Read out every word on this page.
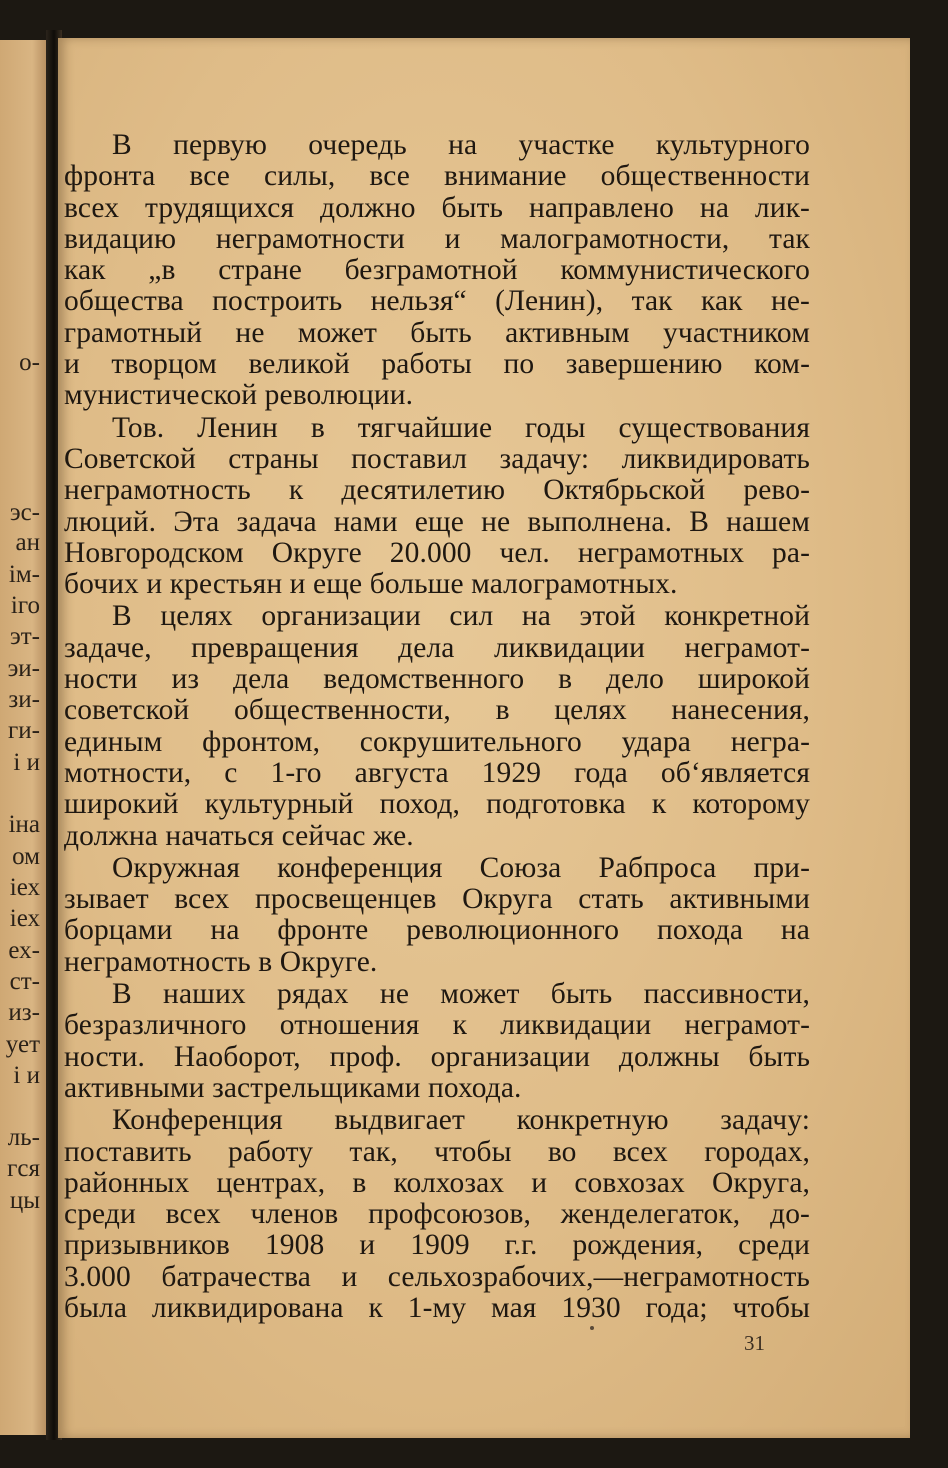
о-
эс-
ан
ім-
іго
эт-
эи-
зи-
ги-
і и
іна
ом
іех
іех
ех-
ст-
из-
ует
і и
ль-
гся
цы
В первую очередь на участке культурного
фронта все силы, все внимание общественности
всех трудящихся должно быть направлено на лик-
видацию неграмотности и малограмотности, так
как „в стране безграмотной коммунистического
общества построить нельзя“ (Ленин), так как не-
грамотный не может быть активным участником
и творцом великой работы по завершению ком-
мунистической революции.
Тов. Ленин в тягчайшие годы существования
Советской страны поставил задачу: ликвидировать
неграмотность к десятилетию Октябрьской рево-
люций. Эта задача нами еще не выполнена. В нашем
Новгородском Округе 20.000 чел. неграмотных ра-
бочих и крестьян и еще больше малограмотных.
В целях организации сил на этой конкретной
задаче, превращения дела ликвидации неграмот-
ности из дела ведомственного в дело широкой
советской общественности, в целях нанесения,
единым фронтом, сокрушительного удара негра-
мотности, с 1-го августа 1929 года об‘является
широкий культурный поход, подготовка к которому
должна начаться сейчас же.
Окружная конференция Союза Рабпроса при-
зывает всех просвещенцев Округа стать активными
борцами на фронте революционного похода на
неграмотность в Округе.
В наших рядах не может быть пассивности,
безразличного отношения к ликвидации неграмот-
ности. Наоборот, проф. организации должны быть
активными застрельщиками похода.
Конференция выдвигает конкретную задачу:
поставить работу так, чтобы во всех городах,
районных центрах, в колхозах и совхозах Округа,
среди всех членов профсоюзов, женделегаток, до-
призывников 1908 и 1909 г.г. рождения, среди
3.000 батрачества и сельхозрабочих,—неграмотность
была ликвидирована к 1-му мая 1930 года; чтобы
31
